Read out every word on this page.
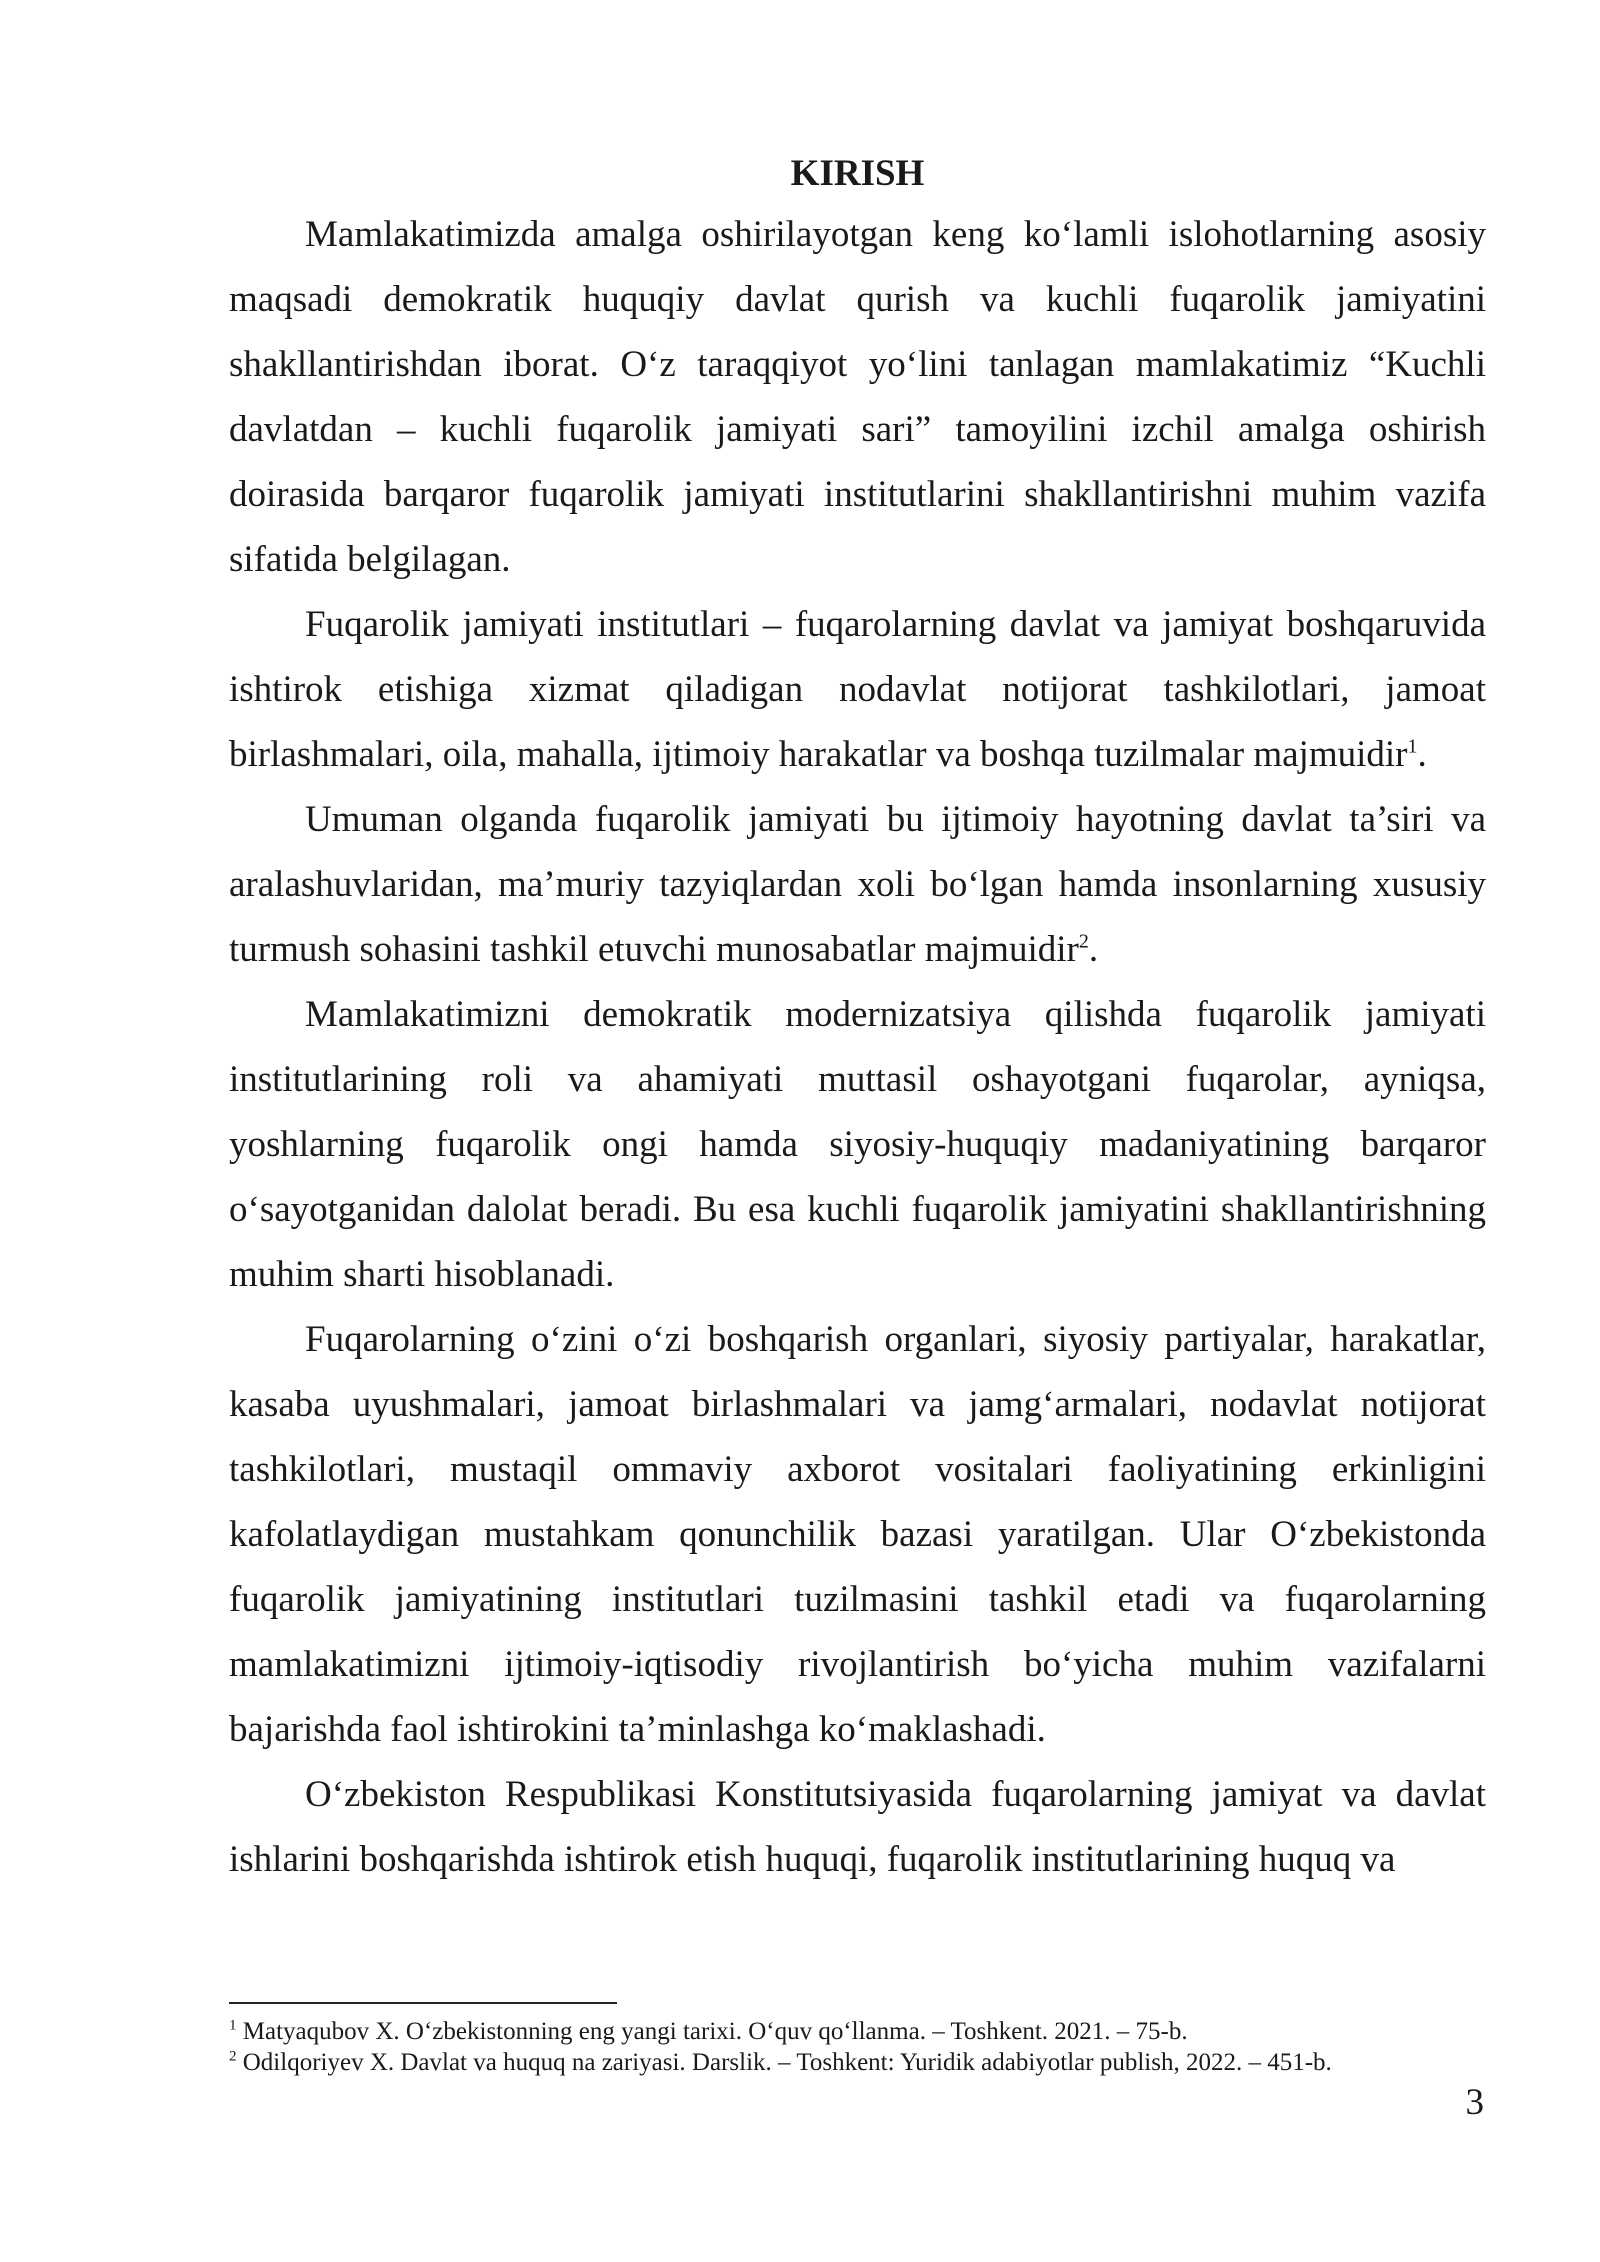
KIRISH

Mamlakatimizda amalga oshirilayotgan keng ko‘lamli islohotlarning asosiy maqsadi demokratik huquqiy davlat qurish va kuchli fuqarolik jamiyatini shakllantirishdan iborat. O‘z taraqqiyot yo‘lini tanlagan mamlakatimiz “Kuchli davlatdan – kuchli fuqarolik jamiyati sari” tamoyilini izchil amalga oshirish doirasida barqaror fuqarolik jamiyati institutlarini shakllantirishni muhim vazifa sifatida belgilagan.

Fuqarolik jamiyati institutlari – fuqarolarning davlat va jamiyat boshqaruvida ishtirok etishiga xizmat qiladigan nodavlat notijorat tashkilotlari, jamoat birlashmalari, oila, mahalla, ijtimoiy harakatlar va boshqa tuzilmalar majmuidir$^1$.

Umuman olganda fuqarolik jamiyati bu ijtimoiy hayotning davlat ta’siri va aralashuvlaridan, ma’muriy tazyiqlardan xoli bo‘lgan hamda insonlarning xususiy turmush sohasini tashkil etuvchi munosabatlar majmuidir$^2$.

Mamlakatimizni demokratik modernizatsiya qilishda fuqarolik jamiyati institutlarining roli va ahamiyati muttasil oshayotgani fuqarolar, ayniqsa, yoshlarning fuqarolik ongi hamda siyosiy-huquqiy madaniyatining barqaror o‘sayotganidan dalolat beradi. Bu esa kuchli fuqarolik jamiyatini shakllantirishning muhim sharti hisoblanadi.

Fuqarolarning o‘zini o‘zi boshqarish organlari, siyosiy partiyalar, harakatlar, kasaba uyushmalari, jamoat birlashmalari va jamg‘armalari, nodavlat notijorat tashkilotlari, mustaqil ommaviy axborot vositalari faoliyatining erkinligini kafolatlaydigan mustahkam qonunchilik bazasi yaratilgan. Ular O‘zbekistonda fuqarolik jamiyatining institutlari tuzilmasini tashkil etadi va fuqarolarning mamlakatimizni ijtimoiy-iqtisodiy rivojlantirish bo‘yicha muhim vazifalarni bajarishda faol ishtirokini ta’minlashga ko‘maklashadi.

O‘zbekiston Respublikasi Konstitutsiyasida fuqarolarning jamiyat va davlat ishlarini boshqarishda ishtirok etish huquqi, fuqarolik institutlarining huquq va

$^1$ Matyaqubov X. O‘zbekistonning eng yangi tarixi. O‘quv qo‘llanma. – Toshkent. 2021. – 75-b.

$^2$ Odilqoriyev X. Davlat va huquq na zariyasi. Darslik. – Toshkent: Yuridik adabiyotlar publish, 2022. – 451-b.

3
